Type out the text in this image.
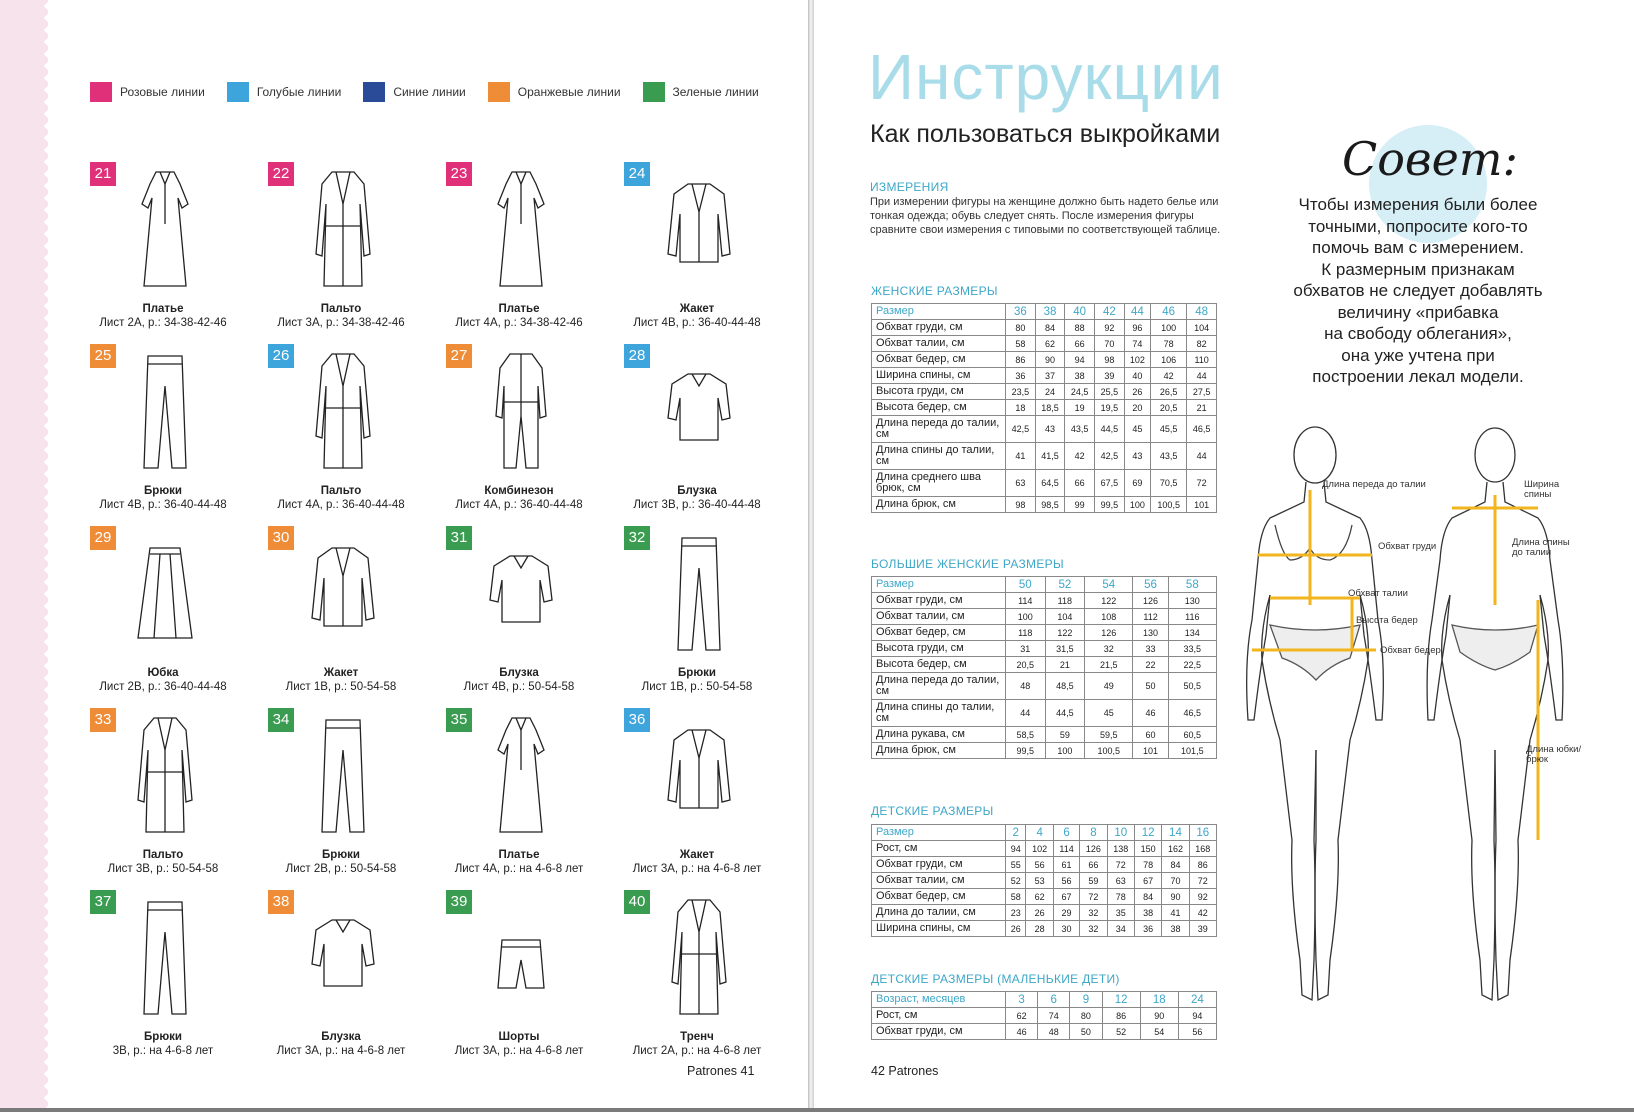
Розовые линии	Голубые линии	Синие линии	Оранжевые линии	Зеленые линии
21
Платье
Лист 2А, р.: 34-38-42-46
22
Пальто
Лист 3А, р.: 34-38-42-46
23
Платье
Лист 4А, р.: 34-38-42-46
24
Жакет
Лист 4В, р.: 36-40-44-48
25
Брюки
Лист 4В, р.: 36-40-44-48
26
Пальто
Лист 4А, р.: 36-40-44-48
27
Комбинезон
Лист 4А, р.: 36-40-44-48
28
Блузка
Лист 3В, р.: 36-40-44-48
29
Юбка
Лист 2В, р.: 36-40-44-48
30
Жакет
Лист 1В, р.: 50-54-58
31
Блузка
Лист 4В, р.: 50-54-58
32
Брюки
Лист 1В, р.: 50-54-58
33
Пальто
Лист 3В, р.: 50-54-58
34
Брюки
Лист 2В, р.: 50-54-58
35
Платье
Лист 4А, р.: на 4-6-8 лет
36
Жакет
Лист 3А, р.: на 4-6-8 лет
37
Брюки
3В, р.: на 4-6-8 лет
38
Блузка
Лист 3А, р.: на 4-6-8 лет
39
Шорты
Лист 3А, р.: на 4-6-8 лет
40
Тренч
Лист 2А, р.: на 4-6-8 лет
Patrones 41
Инструкции
Как пользоваться выкройками
ИЗМЕРЕНИЯ
При измерении фигуры на женщине должно быть надето белье или тонкая одежда; обувь следует снять. После измерения фигуры сравните свои измерения с типовыми по соответствующей таблице.
ЖЕНСКИЕ РАЗМЕРЫ
Размер	36	38	40	42	44	46	48
Обхват груди, см	80	84	88	92	96	100	104
Обхват талии, см	58	62	66	70	74	78	82
Обхват бедер, см	86	90	94	98	102	106	110
Ширина спины, см	36	37	38	39	40	42	44
Высота груди, см	23,5	24	24,5	25,5	26	26,5	27,5
Высота бедер, см	18	18,5	19	19,5	20	20,5	21
Длина переда до талии, см	42,5	43	43,5	44,5	45	45,5	46,5
Длина спины до талии, см	41	41,5	42	42,5	43	43,5	44
Длина среднего шва брюк, см	63	64,5	66	67,5	69	70,5	72
Длина брюк, см	98	98,5	99	99,5	100	100,5	101
БОЛЬШИЕ ЖЕНСКИЕ РАЗМЕРЫ
Размер	50	52	54	56	58
Обхват груди, см	114	118	122	126	130
Обхват талии, см	100	104	108	112	116
Обхват бедер, см	118	122	126	130	134
Высота груди, см	31	31,5	32	33	33,5
Высота бедер, см	20,5	21	21,5	22	22,5
Длина переда до талии, см	48	48,5	49	50	50,5
Длина спины до талии, см	44	44,5	45	46	46,5
Длина рукава, см	58,5	59	59,5	60	60,5
Длина брюк, см	99,5	100	100,5	101	101,5
ДЕТСКИЕ РАЗМЕРЫ
Размер	2	4	6	8	10	12	14	16
Рост, см	94	102	114	126	138	150	162	168
Обхват груди, см	55	56	61	66	72	78	84	86
Обхват талии, см	52	53	56	59	63	67	70	72
Обхват бедер, см	58	62	67	72	78	84	90	92
Длина до талии, см	23	26	29	32	35	38	41	42
Ширина спины, см	26	28	30	32	34	36	38	39
ДЕТСКИЕ РАЗМЕРЫ (МАЛЕНЬКИЕ ДЕТИ)
Возраст, месяцев	3	6	9	12	18	24
Рост, см	62	74	80	86	90	94
Обхват груди, см	46	48	50	52	54	56
Совет:
Чтобы измерения были более
точными, попросите кого-то
помочь вам с измерением.
К размерным признакам
обхватов не следует добавлять
величину «прибавка
на свободу облегания»,
она уже учтена при
построении лекал модели.
Длина переда до талии
Обхват груди
Обхват талии
Высота бедер
Обхват бедер
Ширина спины
Длина спины до талии
Длина юбки/брюк
42 Patrones
